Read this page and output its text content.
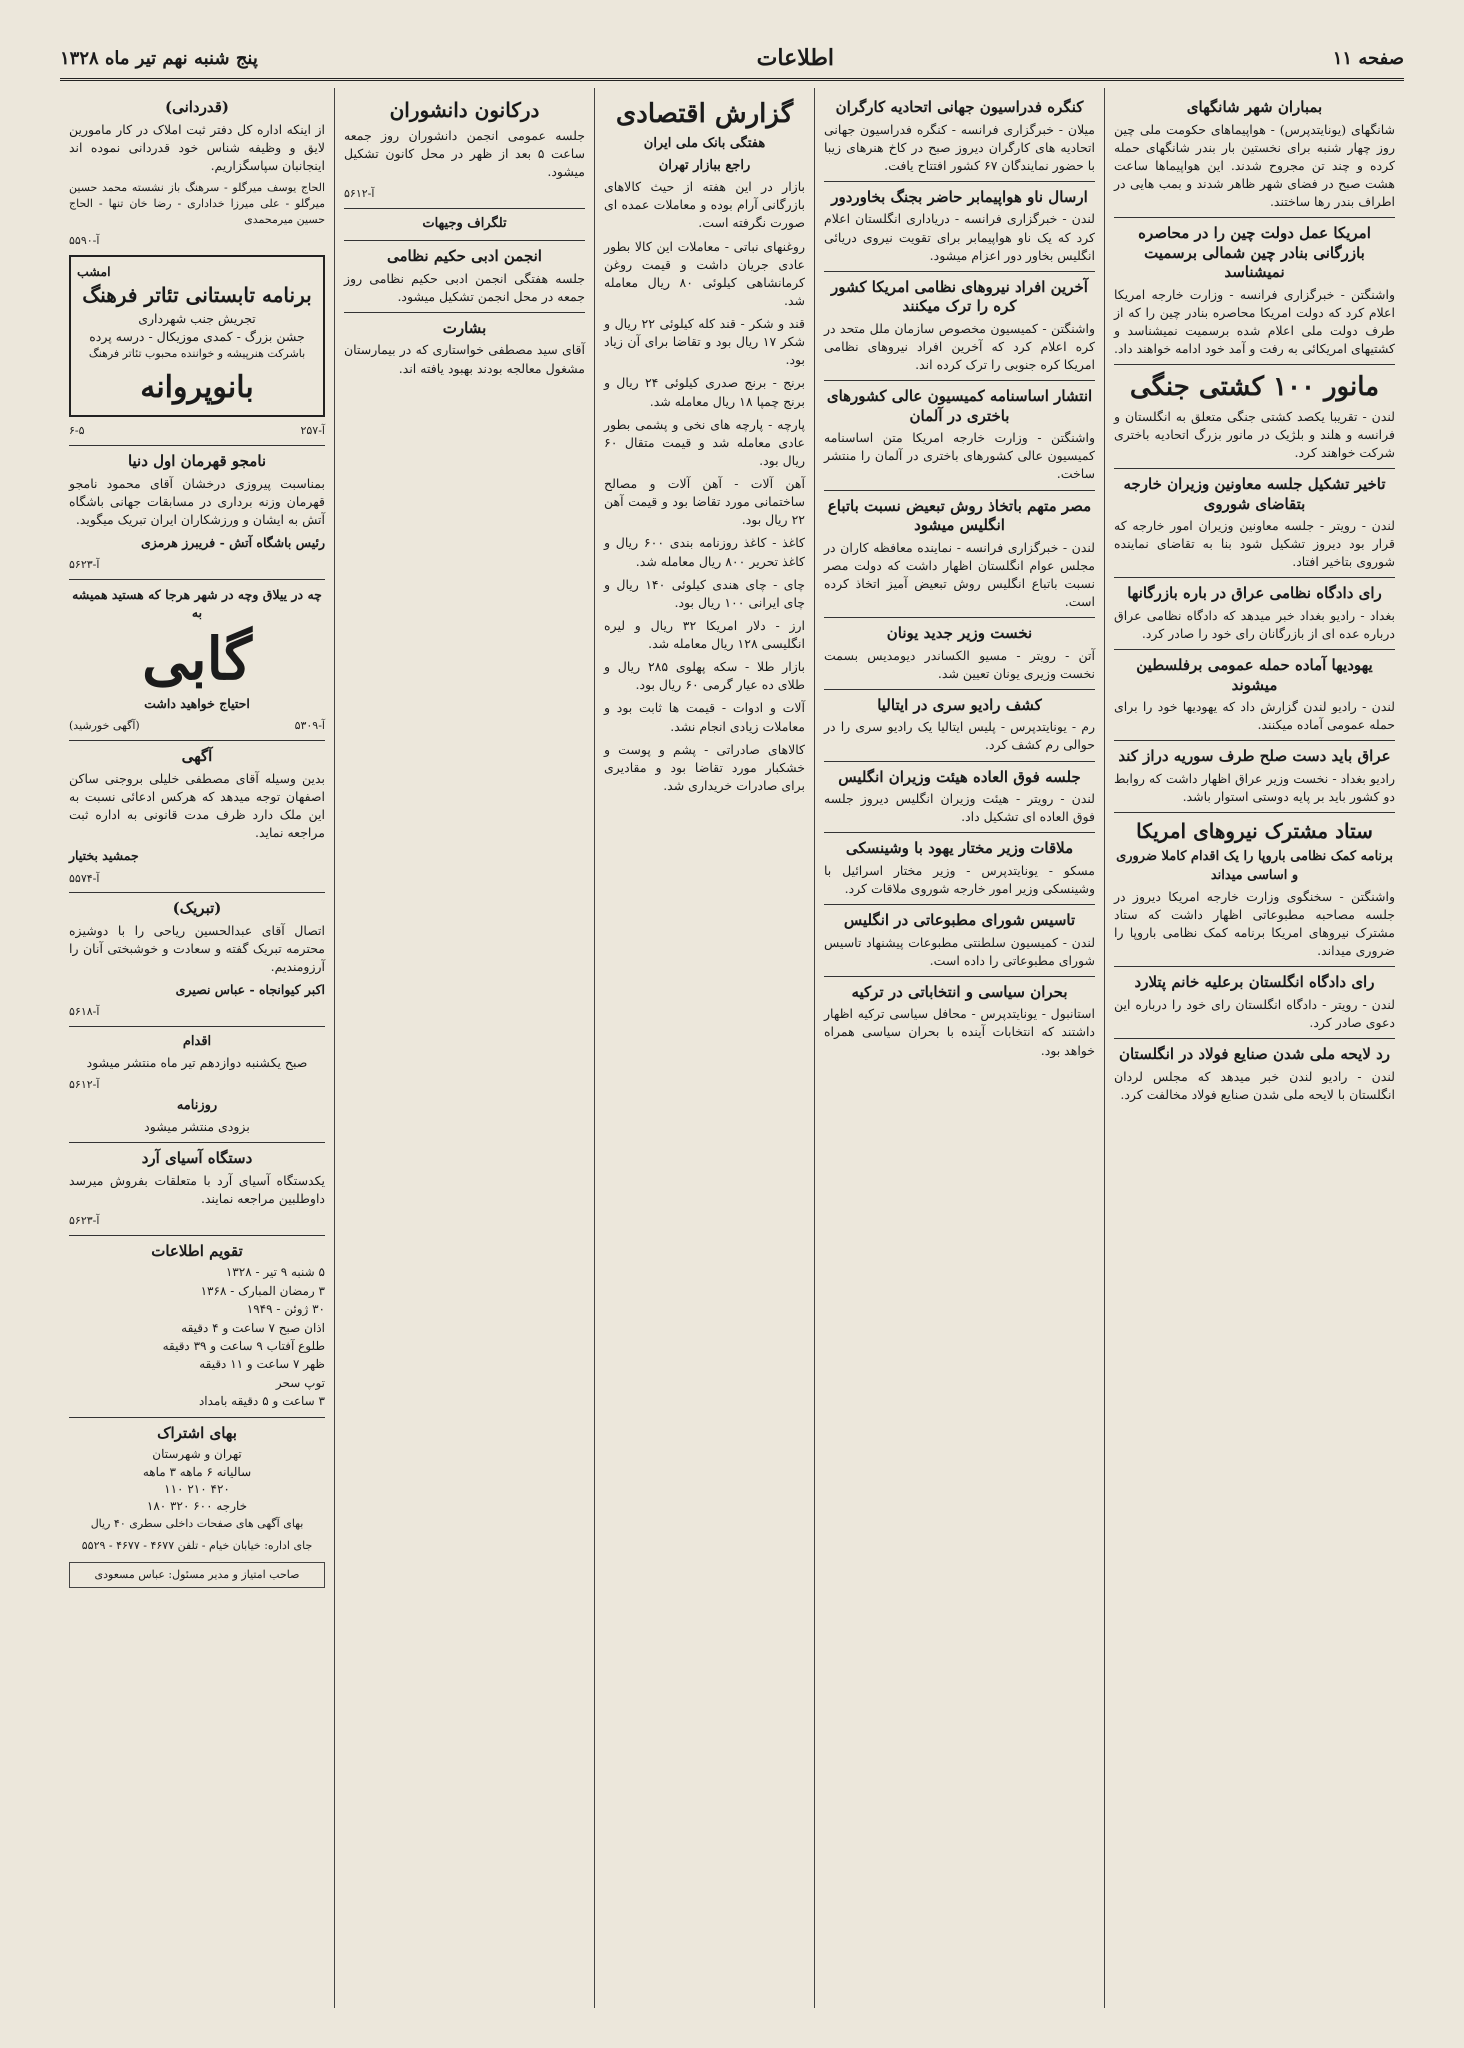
صفحه ۱۱
اطلاعات
پنج شنبه نهم تیر ماه ۱۳۲۸
بمباران شهر شانگهای

شانگهای (یونایتدپرس) - هواپیماهای حکومت ملی چین روز چهار شنبه برای نخستین بار بندر شانگهای حمله کرده و چند تن مجروح شدند. این هواپیماها ساعت هشت صبح در فضای شهر ظاهر شدند و بمب هایی در اطراف بندر رها ساختند.

امریکا عمل دولت چین را در محاصره بازرگانی بنادر چین شمالی برسمیت نمیشناسد

واشنگتن - خبرگزاری فرانسه - وزارت خارجه امریکا اعلام کرد که دولت امریکا محاصره بنادر چین را که از طرف دولت ملی اعلام شده برسمیت نمیشناسد و کشتیهای امریکائی به رفت و آمد خود ادامه خواهند داد.

مانور ۱۰۰ کشتی جنگی

لندن - تقریبا یکصد کشتی جنگی متعلق به انگلستان و فرانسه و هلند و بلژیک در مانور بزرگ اتحادیه باختری شرکت خواهند کرد.

تاخیر تشکیل جلسه معاونین وزیران خارجه بتقاضای شوروی

لندن - رویتر - جلسه معاونین وزیران امور خارجه که قرار بود دیروز تشکیل شود بنا به تقاضای نماینده شوروی بتاخیر افتاد.

رای دادگاه نظامی عراق در باره بازرگانها

بغداد - رادیو بغداد خبر میدهد که دادگاه نظامی عراق درباره عده ای از بازرگانان رای خود را صادر کرد.

یهودیها آماده حمله عمومی برفلسطین میشوند

لندن - رادیو لندن گزارش داد که یهودیها خود را برای حمله عمومی آماده میکنند.

عراق باید دست صلح طرف سوریه دراز کند

رادیو بغداد - نخست وزیر عراق اظهار داشت که روابط دو کشور باید بر پایه دوستی استوار باشد.

ستاد مشترک نیروهای امریکا
برنامه کمک نظامی باروپا را یک اقدام کاملا ضروری و اساسی میداند

واشنگتن - سخنگوی وزارت خارجه امریکا دیروز در جلسه مصاحبه مطبوعاتی اظهار داشت که ستاد مشترک نیروهای امریکا برنامه کمک نظامی باروپا را ضروری میداند.

رای دادگاه انگلستان برعلیه خانم پتلارد

لندن - رویتر - دادگاه انگلستان رای خود را درباره این دعوی صادر کرد.

رد لایحه ملی شدن صنایع فولاد در انگلستان

لندن - رادیو لندن خبر میدهد که مجلس لردان انگلستان با لایحه ملی شدن صنایع فولاد مخالفت کرد.

کنگره فدراسیون جهانی اتحادیه کارگران

میلان - خبرگزاری فرانسه - کنگره فدراسیون جهانی اتحادیه های کارگران دیروز صبح در کاخ هنرهای زیبا با حضور نمایندگان ۶۷ کشور افتتاح یافت.

ارسال ناو هواپیمابر حاضر بجنگ بخاوردور

لندن - خبرگزاری فرانسه - دریاداری انگلستان اعلام کرد که یک ناو هواپیمابر برای تقویت نیروی دریائی انگلیس بخاور دور اعزام میشود.

آخرین افراد نیروهای نظامی امریکا کشور کره را ترک میکنند

واشنگتن - کمیسیون مخصوص سازمان ملل متحد در کره اعلام کرد که آخرین افراد نیروهای نظامی امریکا کره جنوبی را ترک کرده اند.

انتشار اساسنامه کمیسیون عالی کشورهای باختری در آلمان

واشنگتن - وزارت خارجه امریکا متن اساسنامه کمیسیون عالی کشورهای باختری در آلمان را منتشر ساخت.

مصر متهم باتخاذ روش تبعیض نسبت باتباع انگلیس میشود

لندن - خبرگزاری فرانسه - نماینده معافظه کاران در مجلس عوام انگلستان اظهار داشت که دولت مصر نسبت باتباع انگلیس روش تبعیض آمیز اتخاذ کرده است.

نخست وزیر جدید یونان

آتن - رویتر - مسیو الکساندر دیومدیس بسمت نخست وزیری یونان تعیین شد.

کشف رادیو سری در ایتالیا

رم - یونایتدپرس - پلیس ایتالیا یک رادیو سری را در حوالی رم کشف کرد.

جلسه فوق العاده هیئت وزیران انگلیس

لندن - رویتر - هیئت وزیران انگلیس دیروز جلسه فوق العاده ای تشکیل داد.

ملاقات وزیر مختار یهود با وشینسکی

مسکو - یونایتدپرس - وزیر مختار اسرائیل با وشینسکی وزیر امور خارجه شوروی ملاقات کرد.

تاسیس شورای مطبوعاتی در انگلیس

لندن - کمیسیون سلطنتی مطبوعات پیشنهاد تاسیس شورای مطبوعاتی را داده است.

بحران سیاسی و انتخاباتی در ترکیه

استانبول - یونایتدپرس - محافل سیاسی ترکیه اظهار داشتند که انتخابات آینده با بحران سیاسی همراه خواهد بود.

گزارش اقتصادی
هفتگی بانک ملی ایران
راجع ببازار تهران

بازار در این هفته از حیث کالاهای بازرگانی آرام بوده و معاملات عمده ای صورت نگرفته است.

روغنهای نباتی - معاملات این کالا بطور عادی جریان داشت و قیمت روغن کرمانشاهی کیلوئی ۸۰ ریال معامله شد.

قند و شکر - قند کله کیلوئی ۲۲ ریال و شکر ۱۷ ریال بود و تقاضا برای آن زیاد بود.

برنج - برنج صدری کیلوئی ۲۴ ریال و برنج چمپا ۱۸ ریال معامله شد.

پارچه - پارچه های نخی و پشمی بطور عادی معامله شد و قیمت متقال ۶۰ ریال بود.

آهن آلات - آهن آلات و مصالح ساختمانی مورد تقاضا بود و قیمت آهن ۲۲ ریال بود.

کاغذ - کاغذ روزنامه بندی ۶۰۰ ریال و کاغذ تحریر ۸۰۰ ریال معامله شد.

چای - چای هندی کیلوئی ۱۴۰ ریال و چای ایرانی ۱۰۰ ریال بود.

ارز - دلار امریکا ۳۲ ریال و لیره انگلیسی ۱۲۸ ریال معامله شد.

بازار طلا - سکه پهلوی ۲۸۵ ریال و طلای ده عیار گرمی ۶۰ ریال بود.

آلات و ادوات - قیمت ها ثابت بود و معاملات زیادی انجام نشد.

کالاهای صادراتی - پشم و پوست و خشکبار مورد تقاضا بود و مقادیری برای صادرات خریداری شد.

دركانون دانشوران

جلسه عمومی انجمن دانشوران روز جمعه ساعت ۵ بعد از ظهر در محل کانون تشکیل میشود.

آ-۵۶۱۲
تلگراف وجيهات
انجمن ادبی حکیم نظامی

جلسه هفتگی انجمن ادبی حکیم نظامی روز جمعه در محل انجمن تشکیل میشود.

بشارت

آقای سید مصطفی خواستاری که در بیمارستان مشغول معالجه بودند بهبود یافته اند.

(قدردانی)

از اینکه اداره کل دفتر ثبت املاک در کار مامورین لایق و وظیفه شناس خود قدردانی نموده اند اینجانبان سپاسگزاریم.

الحاج یوسف میرگلو - سرهنگ باز نشسته محمد حسین میرگلو - علی میرزا خداداری - رضا خان تنها - الحاج حسین میرمحمدی

آ-۵۵۹۰
امشب
برنامه تابستانی تئاتر فرهنگ
تجریش جنب شهرداری
جشن بزرگ - کمدی موزیکال - درسه پرده
باشرکت هنرپیشه و خواننده محبوب تئاتر فرهنگ
بانوپروانه
آ-۲۵۷
۶-۵
نامجو قهرمان اول دنیا

بمناسبت پیروزی درخشان آقای محمود نامجو قهرمان وزنه برداری در مسابقات جهانی باشگاه آتش به ایشان و ورزشکاران ایران تبریک میگوید.

رئیس باشگاه آتش - فریبرز هرمزی

آ-۵۶۲۳

چه در ییلاق وچه در شهر هرجا که هستید همیشه به

گابی

احتیاج خواهید داشت

آ-۵۳۰۹
(آگهی خورشید)
آگهی

بدین وسیله آقای مصطفی خلیلی بروجنی ساکن اصفهان توجه میدهد که هرکس ادعائی نسبت به این ملک دارد ظرف مدت قانونی به اداره ثبت مراجعه نماید.

جمشید بختیار

آ-۵۵۷۴
(تبریک)

اتصال آقای عبدالحسین ریاحی را با دوشیزه محترمه تبریک گفته و سعادت و خوشبختی آنان را آرزومندیم.

اکبر کیوانجاه - عباس نصیری

آ-۵۶۱۸
اقدام

صبح یکشنبه دوازدهم تیر ماه منتشر میشود

آ-۵۶۱۲
روزنامه

بزودی منتشر میشود

دستگاه آسیای آرد

یکدستگاه آسیای آرد با متعلقات بفروش میرسد داوطلبین مراجعه نمایند.

آ-۵۶۲۳
تقویم اطلاعات
۵ شنبه ۹ تیر - ۱۳۲۸
۳ رمضان المبارک - ۱۳۶۸
۳۰ ژوئن - ۱۹۴۹
اذان صبح ۷ ساعت و ۴ دقیقه
طلوع آفتاب ۹ ساعت و ۳۹ دقیقه
ظهر ۷ ساعت و ۱۱ دقیقه
توپ سحر
۳ ساعت و ۵ دقیقه بامداد
بهای اشتراک
تهران و شهرستان
سالیانه ۶ ماهه ۳ ماهه
۴۲۰ ۲۱۰ ۱۱۰
خارجه ۶۰۰ ۳۲۰ ۱۸۰
بهای آگهی های صفحات داخلی سطری ۴۰ ریال

جای اداره: خیابان خیام - تلفن ۴۶۷۷ - ۴۶۷۷ - ۵۵۲۹

صاحب امتیاز و مدیر مسئول: عباس مسعودی
